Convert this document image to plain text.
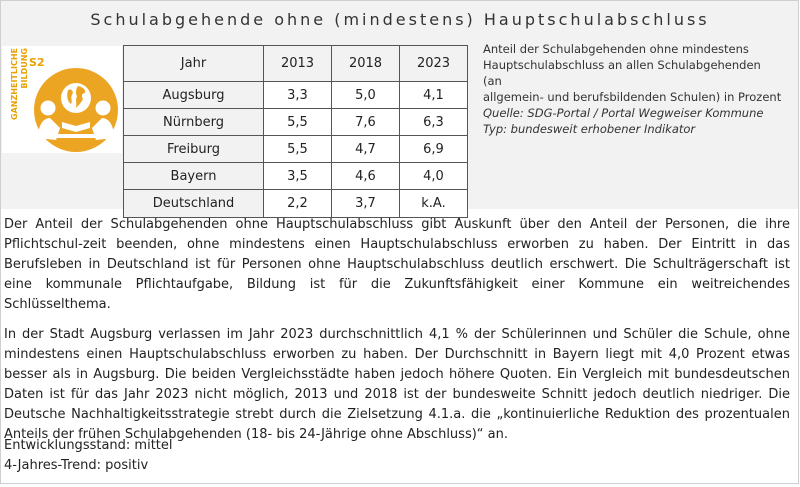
Schulabgehende ohne (mindestens) Hauptschulabschluss
GANZHEITLICHE BILDUNG S2	Jahr	2013	2018	2023
Augsburg	3,3	5,0	4,1
Nürnberg	5,5	7,6	6,3
Freiburg	5,5	4,7	6,9
Bayern	3,5	4,6	4,0
Deutschland	2,2	3,7	k.A.
Anteil der Schulabgehenden ohne mindestens
Hauptschulabschluss an allen Schulabgehenden (an
allgemein- und berufsbildenden Schulen) in Prozent
Quelle: SDG-Portal / Portal Wegweiser Kommune
Typ: bundesweit erhobener Indikator

Der Anteil der Schulabgehenden ohne Hauptschulabschluss gibt Auskunft über den Anteil der Personen, die ihre Pflichtschul-zeit beenden, ohne mindestens einen Hauptschulabschluss erworben zu haben. Der Eintritt in das Berufsleben in Deutschland ist für Personen ohne Hauptschulabschluss deutlich erschwert. Die Schulträgerschaft ist eine kommunale Pflichtaufgabe, Bildung ist für die Zukunftsfähigkeit einer Kommune ein weitreichendes Schlüsselthema.

In der Stadt Augsburg verlassen im Jahr 2023 durchschnittlich 4,1 % der Schülerinnen und Schüler die Schule, ohne mindestens einen Hauptschulabschluss erworben zu haben. Der Durchschnitt in Bayern liegt mit 4,0 Prozent etwas besser als in Augsburg. Die beiden Vergleichsstädte haben jedoch höhere Quoten. Ein Vergleich mit bundesdeutschen Daten ist für das Jahr 2023 nicht möglich, 2013 und 2018 ist der bundesweite Schnitt jedoch deutlich niedriger. Die Deutsche Nachhaltigkeitsstrategie strebt durch die Zielsetzung 4.1.a. die „kontinuierliche Reduktion des prozentualen Anteils der frühen Schulabgehenden (18- bis 24-Jährige ohne Abschluss)“ an.

Entwicklungsstand: mittel
4-Jahres-Trend: positiv
